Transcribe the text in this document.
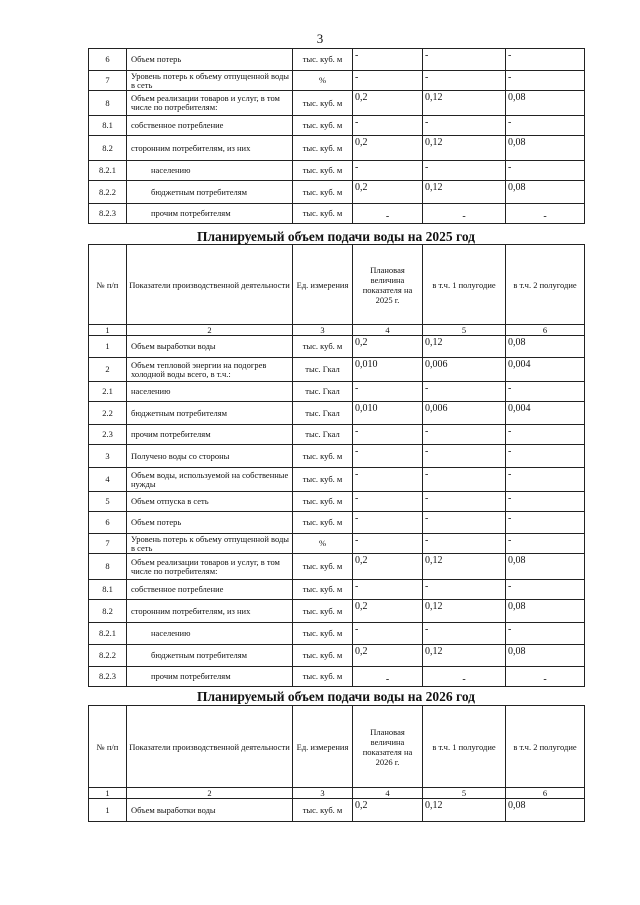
3
6	Объем потерь	тыс. куб. м	-	-	-
7	Уровень потерь к объему отпущенной воды в сеть	%	-	-	-
8	Объем реализации товаров и услуг, в том числе по потребителям:	тыс. куб. м	0,2	0,12	0,08
8.1	собственное потребление	тыс. куб. м	-	-	-
8.2	сторонним потребителям, из них	тыс. куб. м	0,2	0,12	0,08
8.2.1	населению	тыс. куб. м	-	-	-
8.2.2	бюджетным потребителям	тыс. куб. м	0,2	0,12	0,08
8.2.3	прочим потребителям	тыс. куб. м	-	-	-
Планируемый объем подачи воды на 2025 год
№ п/п	Показатели производственной деятельности	Ед. измерения	Плановая величина показателя на 2025 г.	в т.ч. 1 полугодие	в т.ч. 2 полугодие
1	2	3	4	5	6
1	Объем выработки воды	тыс. куб. м	0,2	0,12	0,08
2	Объем тепловой энергии на подогрев холодной воды всего, в т.ч.:	тыс. Гкал	0,010	0,006	0,004
2.1	населению	тыс. Гкал	-	-	-
2.2	бюджетным потребителям	тыс. Гкал	0,010	0,006	0,004
2.3	прочим потребителям	тыс. Гкал	-	-	-
3	Получено воды со стороны	тыс. куб. м	-	-	-
4	Объем воды, используемой на собственные нужды	тыс. куб. м	-	-	-
5	Объем отпуска в сеть	тыс. куб. м	-	-	-
6	Объем потерь	тыс. куб. м	-	-	-
7	Уровень потерь к объему отпущенной воды в сеть	%	-	-	-
8	Объем реализации товаров и услуг, в том числе по потребителям:	тыс. куб. м	0,2	0,12	0,08
8.1	собственное потребление	тыс. куб. м	-	-	-
8.2	сторонним потребителям, из них	тыс. куб. м	0,2	0,12	0,08
8.2.1	населению	тыс. куб. м	-	-	-
8.2.2	бюджетным потребителям	тыс. куб. м	0,2	0,12	0,08
8.2.3	прочим потребителям	тыс. куб. м	-	-	-
Планируемый объем подачи воды на 2026 год
№ п/п	Показатели производственной деятельности	Ед. измерения	Плановая величина показателя на 2026 г.	в т.ч. 1 полугодие	в т.ч. 2 полугодие
1	2	3	4	5	6
1	Объем выработки воды	тыс. куб. м	0,2	0,12	0,08
